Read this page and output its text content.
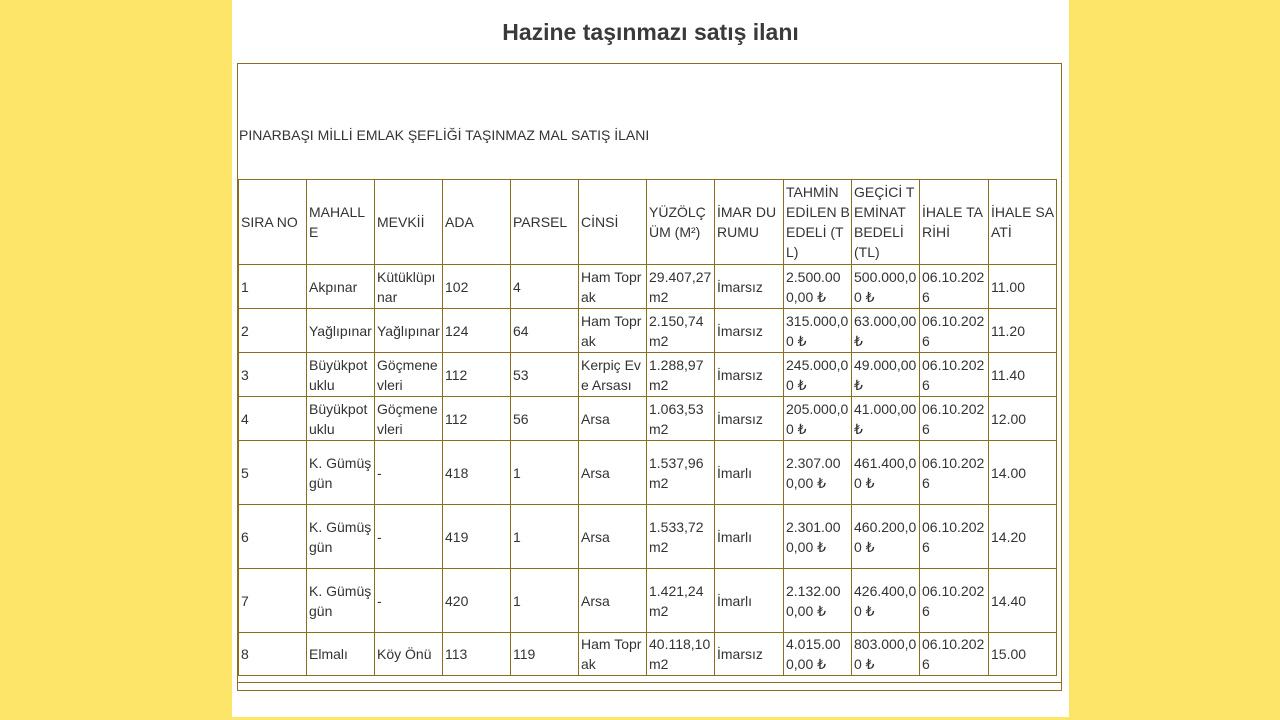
Hazine taşınmazı satış ilanı
PINARBAŞI MİLLİ EMLAK ŞEFLİĞİ TAŞINMAZ MAL SATIŞ İLANI
SIRA NO	MAHALLE	MEVKİİ	ADA	PARSEL	CİNSİ	YÜZÖLÇÜM (M²)	İMAR DURUMU	TAHMİN EDİLEN BEDELİ (TL)	GEÇİCİ TEMİNAT BEDELİ (TL)	İHALE TARİHİ	İHALE SAATİ
1	Akpınar	Kütüklüpınar	102	4	Ham Toprak	29.407,27 m2	İmarsız	2.500.000,00 ₺	500.000,00 ₺	06.10.2026	11.00
2	Yağlıpınar	Yağlıpınar	124	64	Ham Toprak	2.150,74 m2	İmarsız	315.000,00 ₺	63.000,00 ₺	06.10.2026	11.20
3	Büyükpotuklu	Göçmenevleri	112	53	Kerpiç Eve Arsası	1.288,97 m2	İmarsız	245.000,00 ₺	49.000,00 ₺	06.10.2026	11.40
4	Büyükpotuklu	Göçmenevleri	112	56	Arsa	1.063,53 m2	İmarsız	205.000,00 ₺	41.000,00 ₺	06.10.2026	12.00
5	K. Gümüşgün	-	418	1	Arsa	1.537,96 m2	İmarlı	2.307.000,00 ₺	461.400,00 ₺	06.10.2026	14.00
6	K. Gümüşgün	-	419	1	Arsa	1.533,72 m2	İmarlı	2.301.000,00 ₺	460.200,00 ₺	06.10.2026	14.20
7	K. Gümüşgün	-	420	1	Arsa	1.421,24 m2	İmarlı	2.132.000,00 ₺	426.400,00 ₺	06.10.2026	14.40
8	Elmalı	Köy Önü	113	119	Ham Toprak	40.118,10 m2	İmarsız	4.015.000,00 ₺	803.000,00 ₺	06.10.2026	15.00
